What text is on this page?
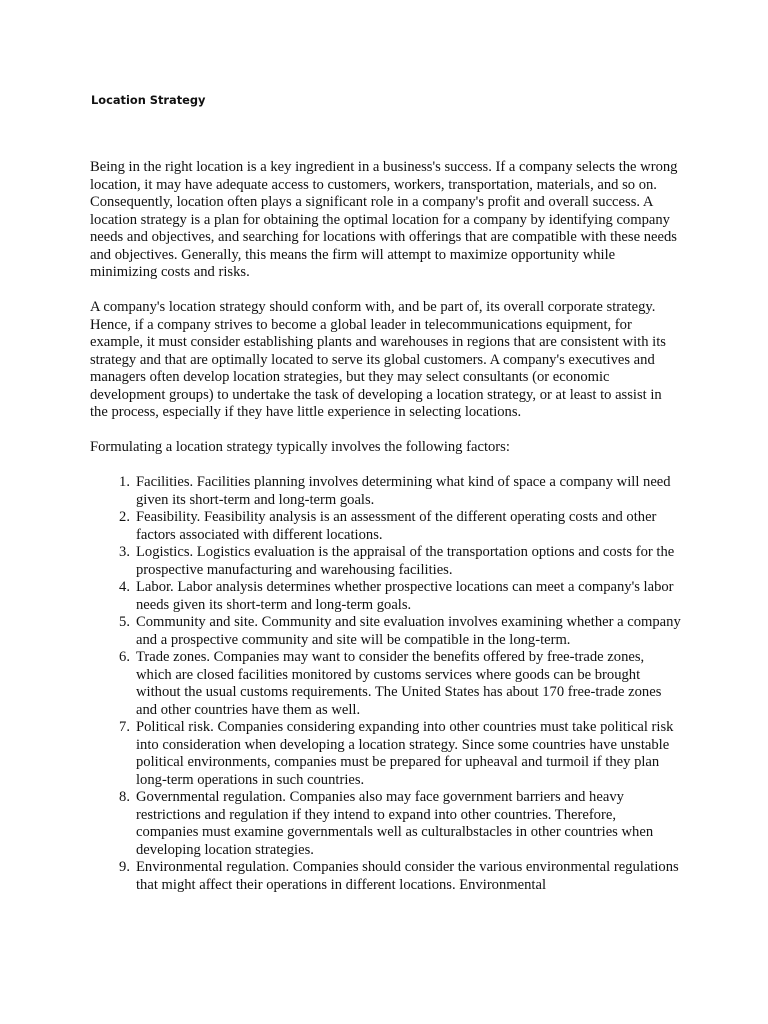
Location Strategy

Being in the right location is a key ingredient in a business's success. If a company selects the wrong location, it may have adequate access to customers, workers, transportation, materials, and so on. Consequently, location often plays a significant role in a company's profit and overall success. A location strategy is a plan for obtaining the optimal location for a company by identifying company needs and objectives, and searching for locations with offerings that are compatible with these needs and objectives. Generally, this means the firm will attempt to maximize opportunity while minimizing costs and risks.

A company's location strategy should conform with, and be part of, its overall corporate strategy. Hence, if a company strives to become a global leader in telecommunications equipment, for example, it must consider establishing plants and warehouses in regions that are consistent with its strategy and that are optimally located to serve its global customers. A company's executives and managers often develop location strategies, but they may select consultants (or economic development groups) to undertake the task of developing a location strategy, or at least to assist in the process, especially if they have little experience in selecting locations.

Formulating a location strategy typically involves the following factors:

1. Facilities. Facilities planning involves determining what kind of space a company will need given its short-term and long-term goals.
2. Feasibility. Feasibility analysis is an assessment of the different operating costs and other factors associated with different locations.
3. Logistics. Logistics evaluation is the appraisal of the transportation options and costs for the prospective manufacturing and warehousing facilities.
4. Labor. Labor analysis determines whether prospective locations can meet a company's labor needs given its short-term and long-term goals.
5. Community and site. Community and site evaluation involves examining whether a company and a prospective community and site will be compatible in the long-term.
6. Trade zones. Companies may want to consider the benefits offered by free-trade zones, which are closed facilities monitored by customs services where goods can be brought without the usual customs requirements. The United States has about 170 free-trade zones and other countries have them as well.
7. Political risk. Companies considering expanding into other countries must take political risk into consideration when developing a location strategy. Since some countries have unstable political environments, companies must be prepared for upheaval and turmoil if they plan long-term operations in such countries.
8. Governmental regulation. Companies also may face government barriers and heavy restrictions and regulation if they intend to expand into other countries. Therefore, companies must examine governmentals well as culturalbstacles in other countries when developing location strategies.
9. Environmental regulation. Companies should consider the various environmental regulations that might affect their operations in different locations. Environmental
